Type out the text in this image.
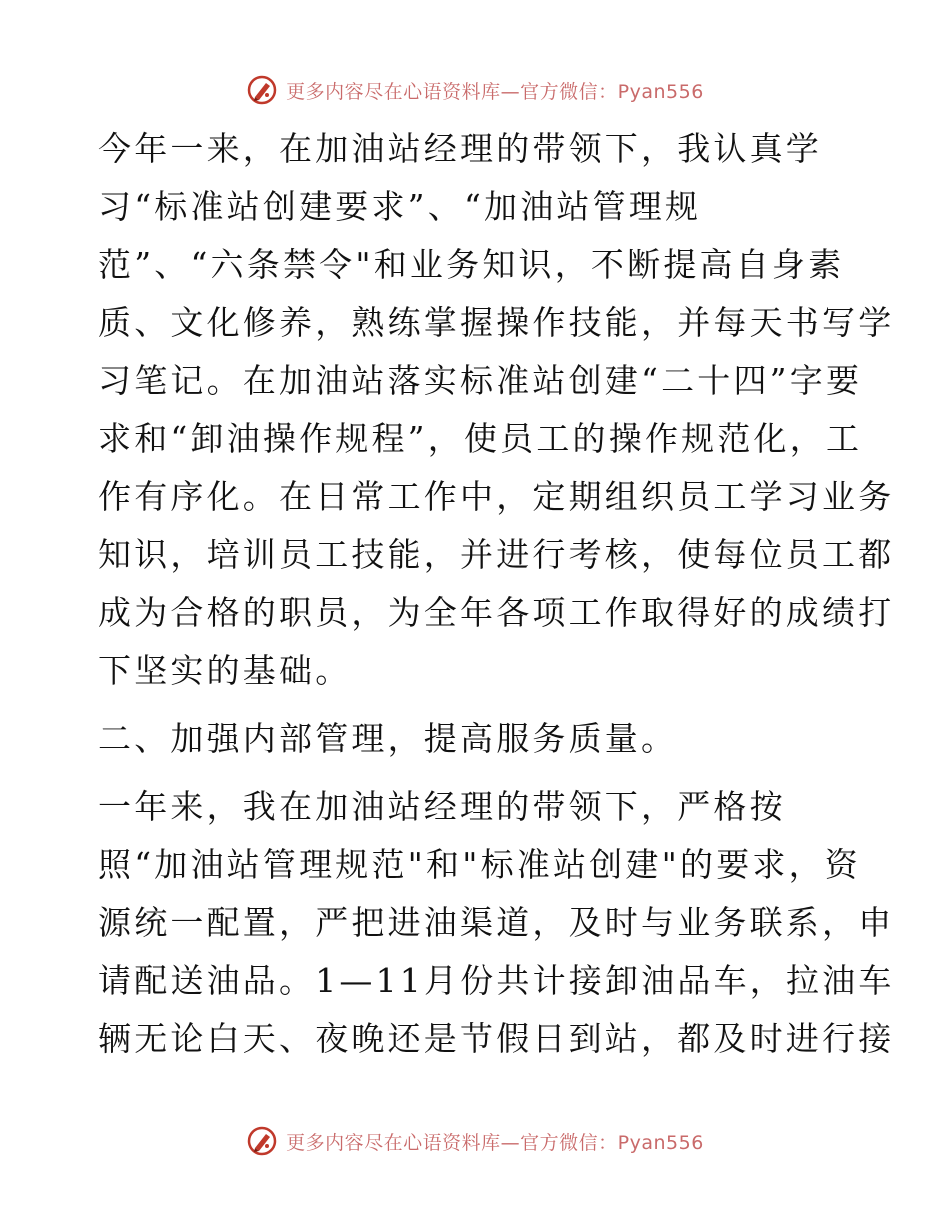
更多内容尽在心语资料库—官方微信：Pyan556

今年一来，在加油站经理的带领下，我认真学
习“标准站创建要求”、“加油站管理规
范”、“六条禁令"和业务知识，不断提高自身素
质、文化修养，熟练掌握操作技能，并每天书写学
习笔记。在加油站落实标准站创建“二十四”字要
求和“卸油操作规程”，使员工的操作规范化，工
作有序化。在日常工作中，定期组织员工学习业务
知识，培训员工技能，并进行考核，使每位员工都
成为合格的职员，为全年各项工作取得好的成绩打
下坚实的基础。

二、加强内部管理，提高服务质量。

一年来，我在加油站经理的带领下，严格按
照“加油站管理规范"和"标准站创建"的要求，资
源统一配置，严把进油渠道，及时与业务联系，申
请配送油品。1—11月份共计接卸油品车，拉油车
辆无论白天、夜晚还是节假日到站，都及时进行接

更多内容尽在心语资料库—官方微信：Pyan556
